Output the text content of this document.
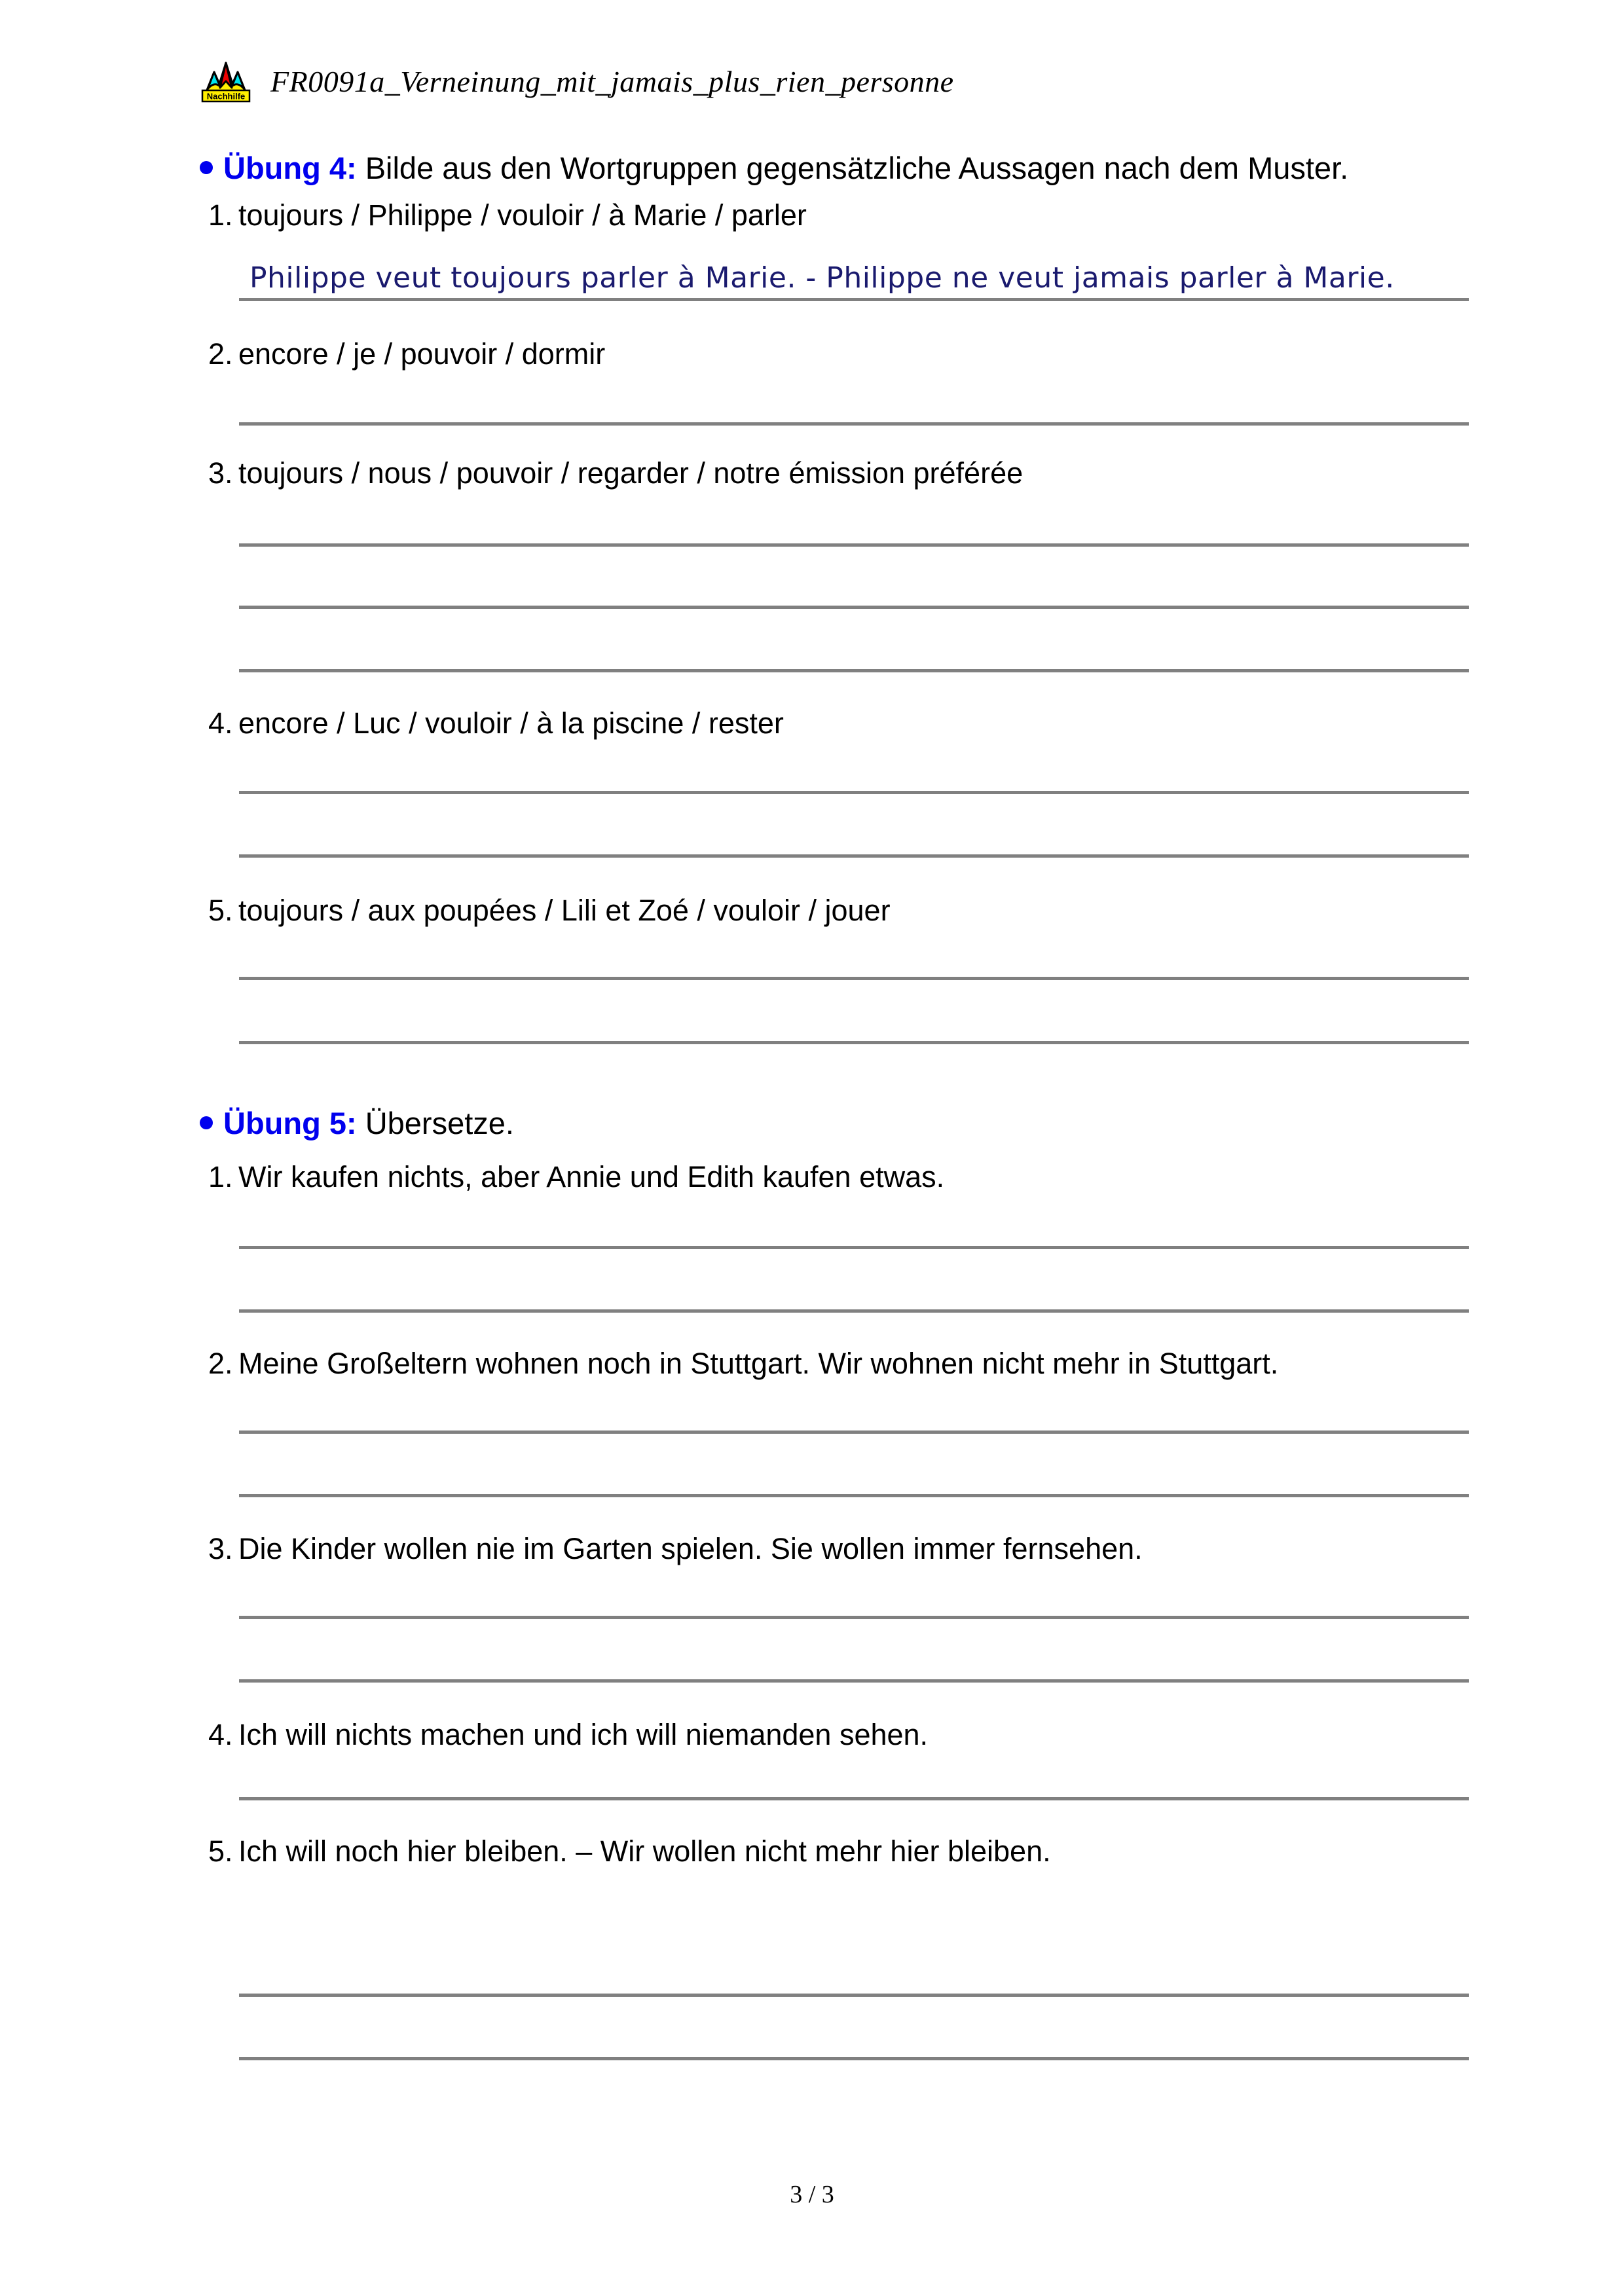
Nachhilfe FR0091a_Verneinung_mit_jamais_plus_rien_personne
Übung 4: Bilde aus den Wortgruppen gegensätzliche Aussagen nach dem Muster.
1. toujours / Philippe / vouloir / à Marie / parler
Philippe veut toujours parler à Marie. - Philippe ne veut jamais parler à Marie.
2. encore / je / pouvoir / dormir
3. toujours / nous / pouvoir / regarder / notre émission préférée
4. encore / Luc / vouloir / à la piscine / rester
5. toujours / aux poupées / Lili et Zoé / vouloir / jouer
Übung 5: Übersetze.
1. Wir kaufen nichts, aber Annie und Edith kaufen etwas.
2. Meine Großeltern wohnen noch in Stuttgart. Wir wohnen nicht mehr in Stuttgart.
3. Die Kinder wollen nie im Garten spielen. Sie wollen immer fernsehen.
4. Ich will nichts machen und ich will niemanden sehen.
5. Ich will noch hier bleiben. – Wir wollen nicht mehr hier bleiben.
3 / 3
